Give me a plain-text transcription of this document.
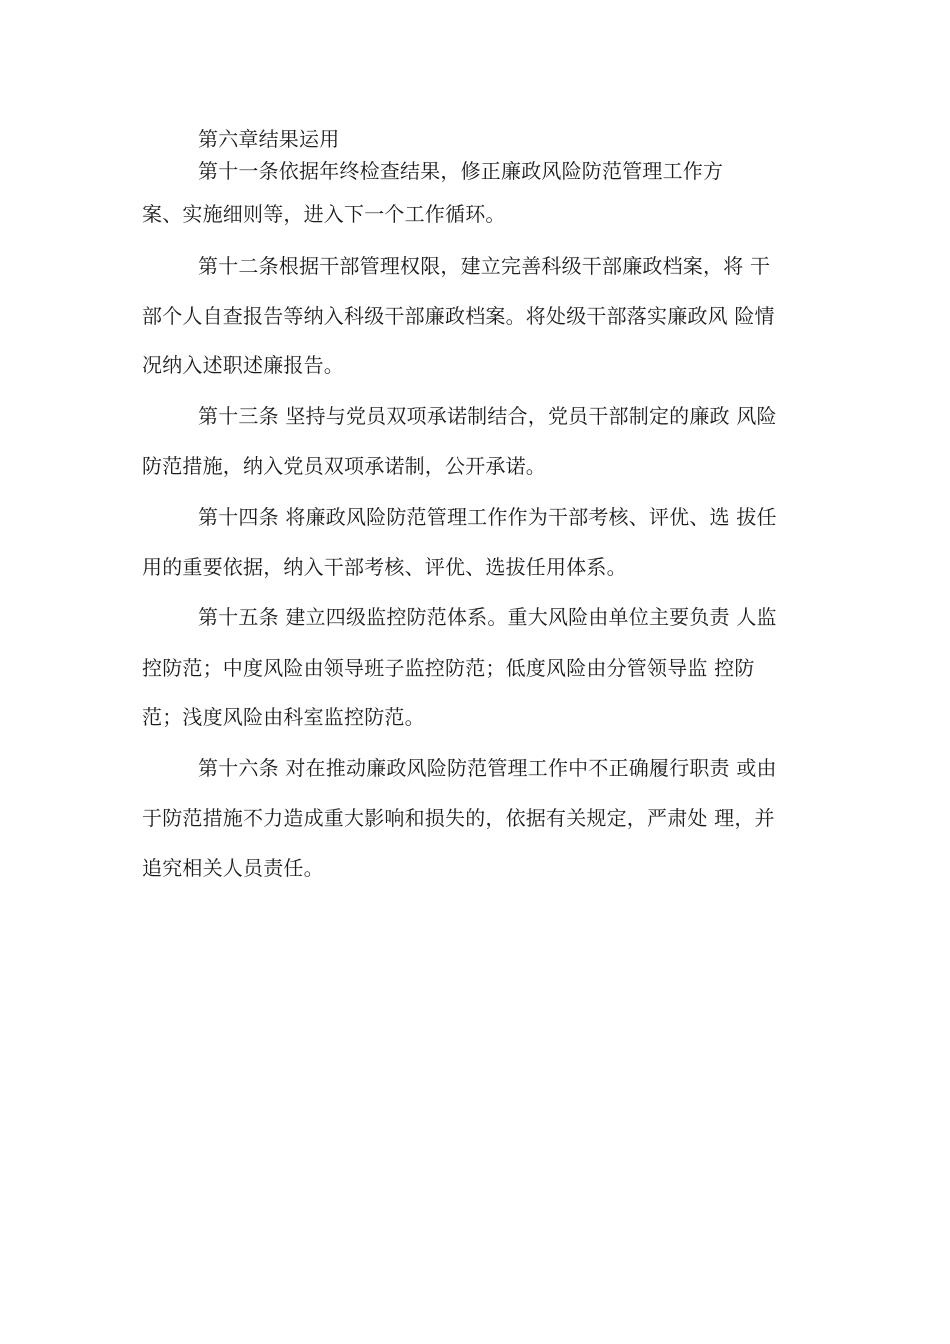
第六章结果运用
第十一条依据年终检查结果，修正廉政风险防范管理工作方
案、实施细则等，进入下一个工作循环。
第十二条根据干部管理权限，建立完善科级干部廉政档案，将 干
部个人自查报告等纳入科级干部廉政档案。将处级干部落实廉政风 险情
况纳入述职述廉报告。
第十三条 坚持与党员双项承诺制结合，党员干部制定的廉政 风险
防范措施，纳入党员双项承诺制，公开承诺。
第十四条 将廉政风险防范管理工作作为干部考核、评优、选 拔任
用的重要依据，纳入干部考核、评优、选拔任用体系。
第十五条 建立四级监控防范体系。重大风险由单位主要负责 人监
控防范；中度风险由领导班子监控防范；低度风险由分管领导监 控防
范；浅度风险由科室监控防范。
第十六条 对在推动廉政风险防范管理工作中不正确履行职责 或由
于防范措施不力造成重大影响和损失的，依据有关规定，严肃处 理，并
追究相关人员责任。
